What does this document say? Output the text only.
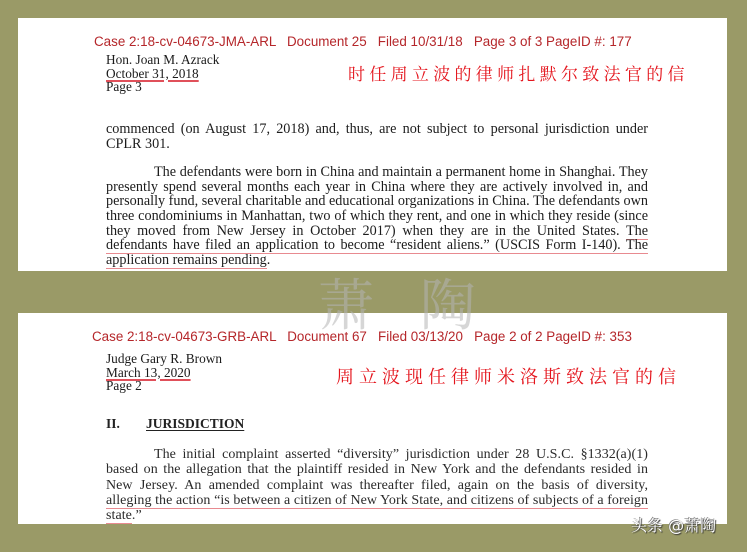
Case 2:18-cv-04673-JMA-ARL   Document 25   Filed 10/31/18   Page 3 of 3 PageID #: 177
Hon. Joan M. Azrack
October 31, 2018
Page 3
时任周立波的律师扎默尔致法官的信

commenced (on August 17, 2018) and, thus, are not subject to personal jurisdiction under CPLR 301.

The defendants were born in China and maintain a permanent home in Shanghai. They presently spend several months each year in China where they are actively involved in, and personally fund, several charitable and educational organizations in China. The defendants own three condominiums in Manhattan, two of which they rent, and one in which they reside (since they moved from New Jersey in October 2017) when they are in the United States. The defendants have filed an application to become “resident aliens.” (USCIS Form I-140). The application remains pending.

Case 2:18-cv-04673-GRB-ARL   Document 67   Filed 03/13/20   Page 2 of 2 PageID #: 353
Judge Gary R. Brown
March 13, 2020
Page 2	周立波现任律师米洛斯致法官的信
II. JURISDICTION

The initial complaint asserted “diversity” jurisdiction under 28 U.S.C. §1332(a)(1) based on the allegation that the plaintiff resided in New York and the defendants resided in New Jersey. An amended complaint was thereafter filed, again on the basis of diversity, alleging the action “is between a citizen of New York State, and citizens of subjects of a foreign state.”

萧 陶
头条 @萧陶
